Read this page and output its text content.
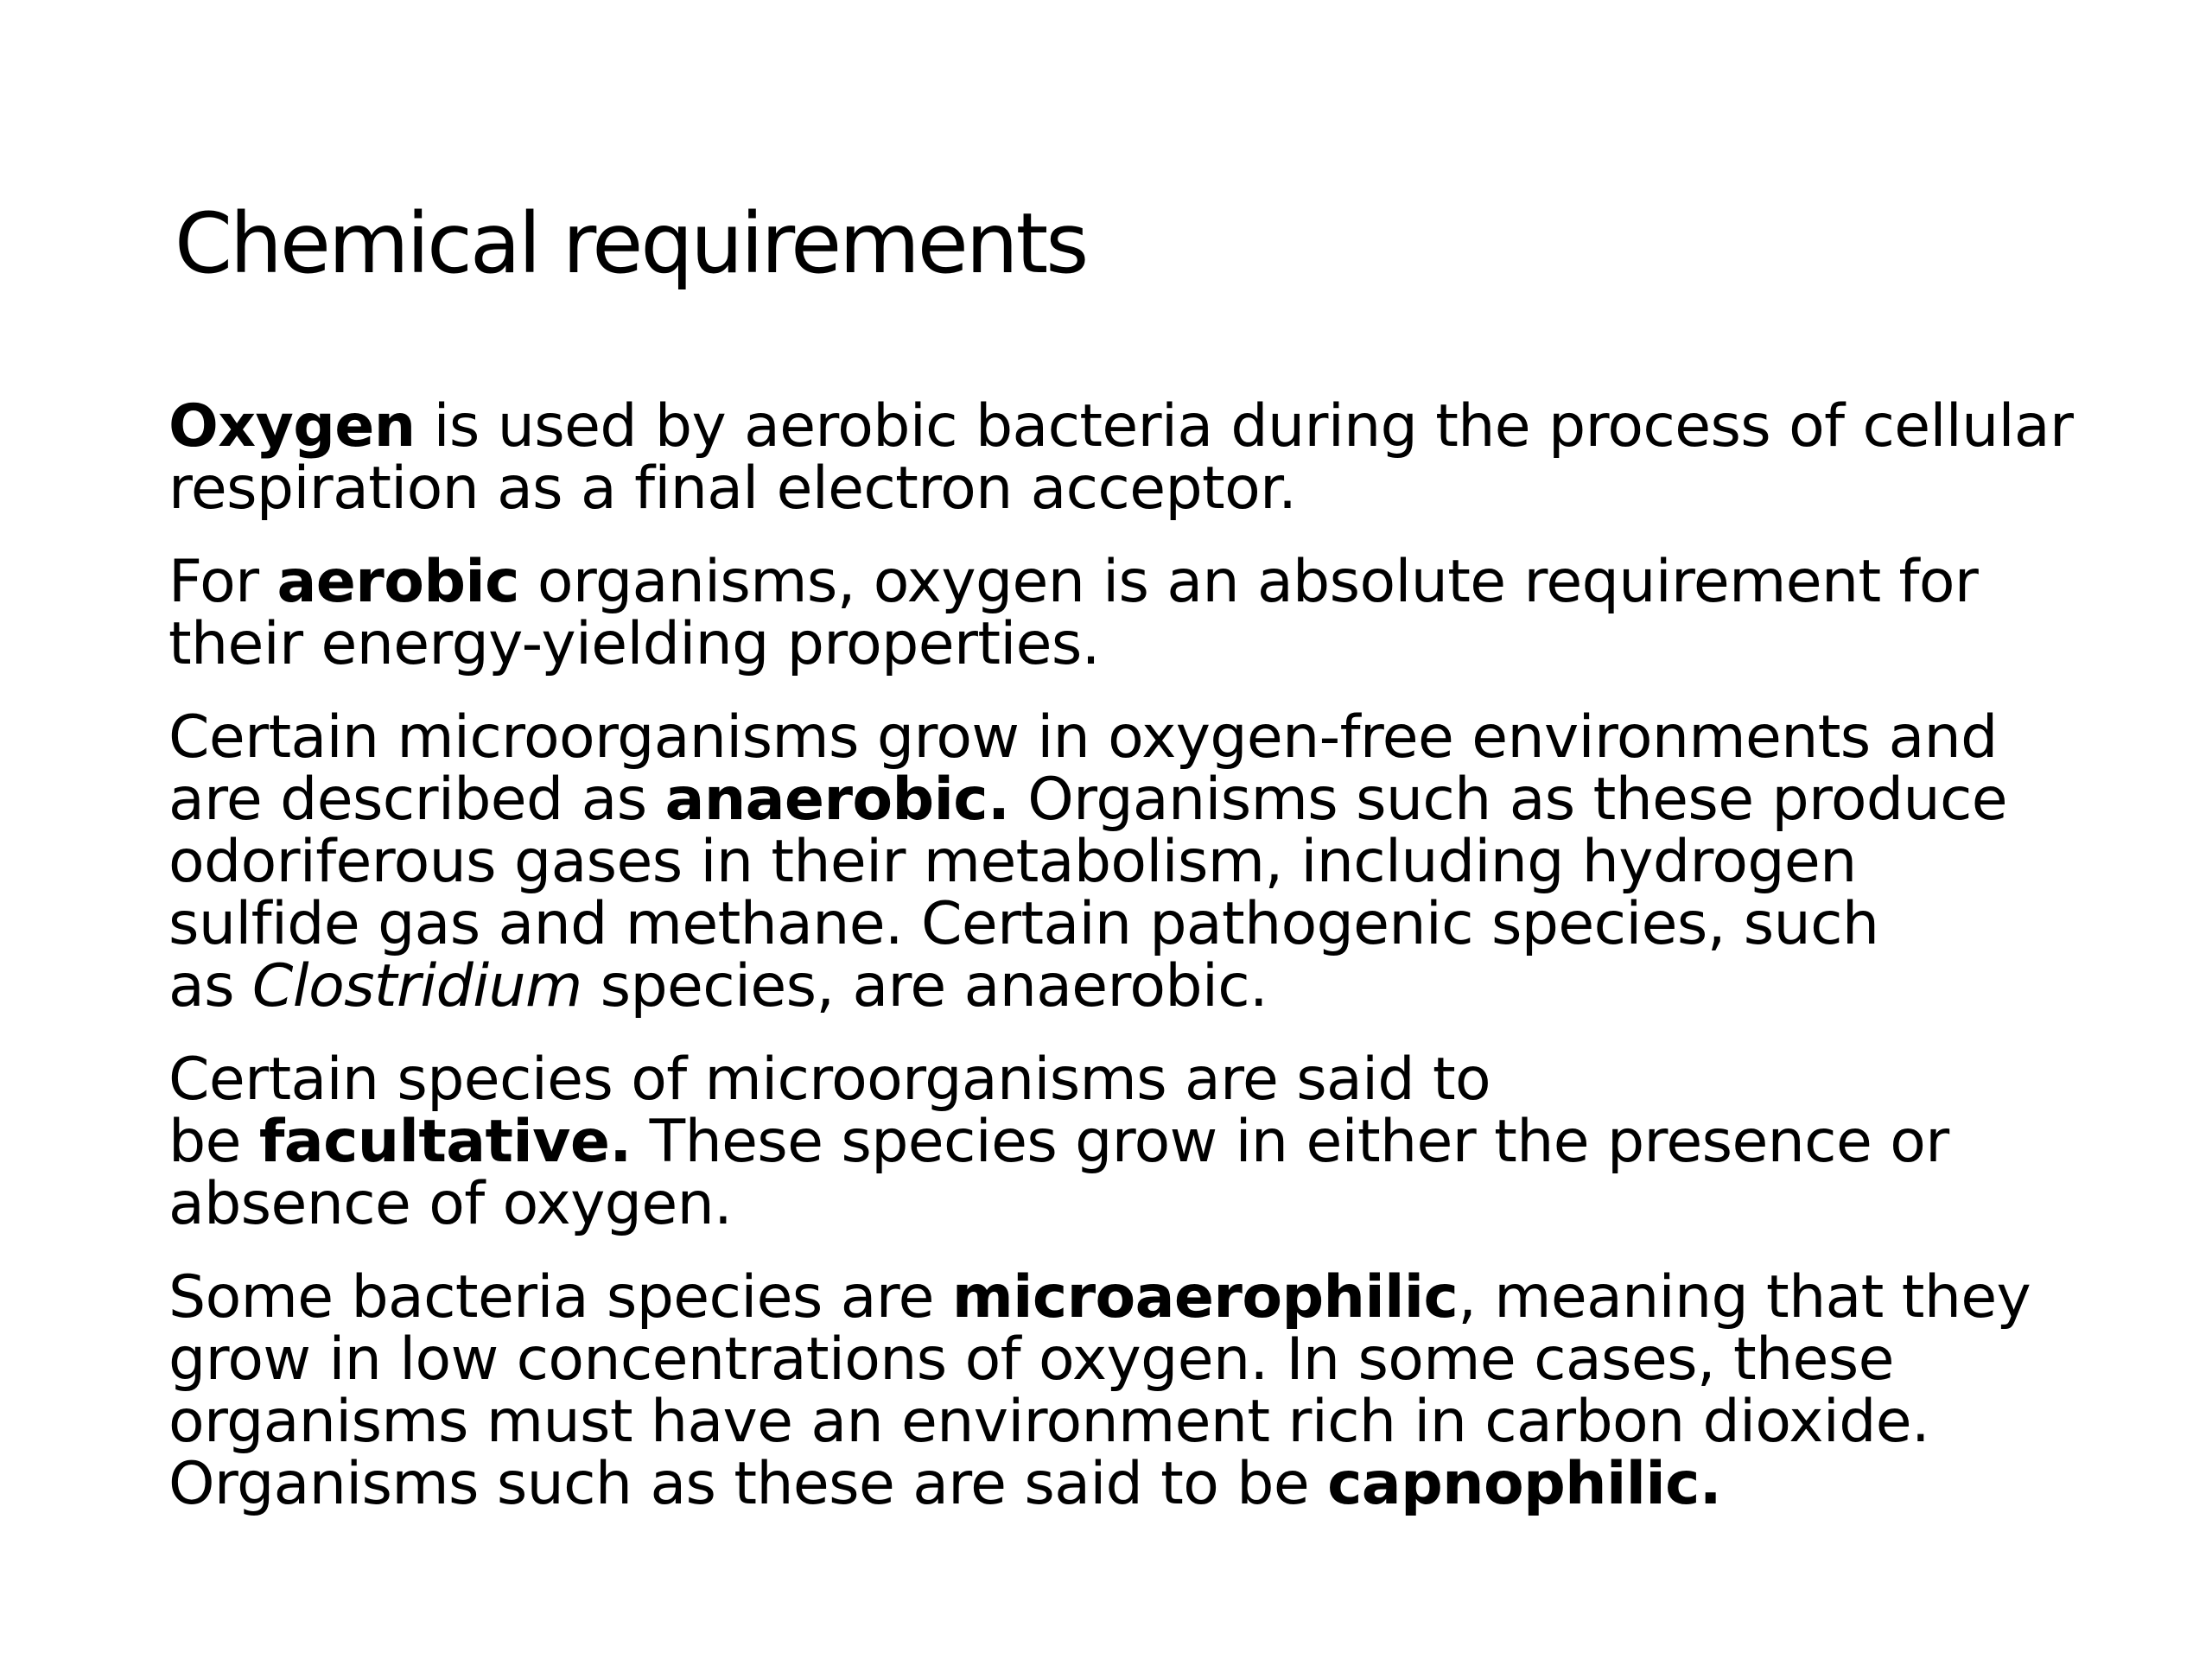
Chemical requirements

Oxygen is used by aerobic bacteria during the process of cellular
respiration as a final electron acceptor.

For aerobic organisms, oxygen is an absolute requirement for
their energy-yielding properties.

Certain microorganisms grow in oxygen-free environments and
are described as anaerobic. Organisms such as these produce
odoriferous gases in their metabolism, including hydrogen
sulfide gas and methane. Certain pathogenic species, such
as Clostridium species, are anaerobic.

Certain species of microorganisms are said to
be facultative. These species grow in either the presence or
absence of oxygen.

Some bacteria species are microaerophilic, meaning that they
grow in low concentrations of oxygen. In some cases, these
organisms must have an environment rich in carbon dioxide.
Organisms such as these are said to be capnophilic.
